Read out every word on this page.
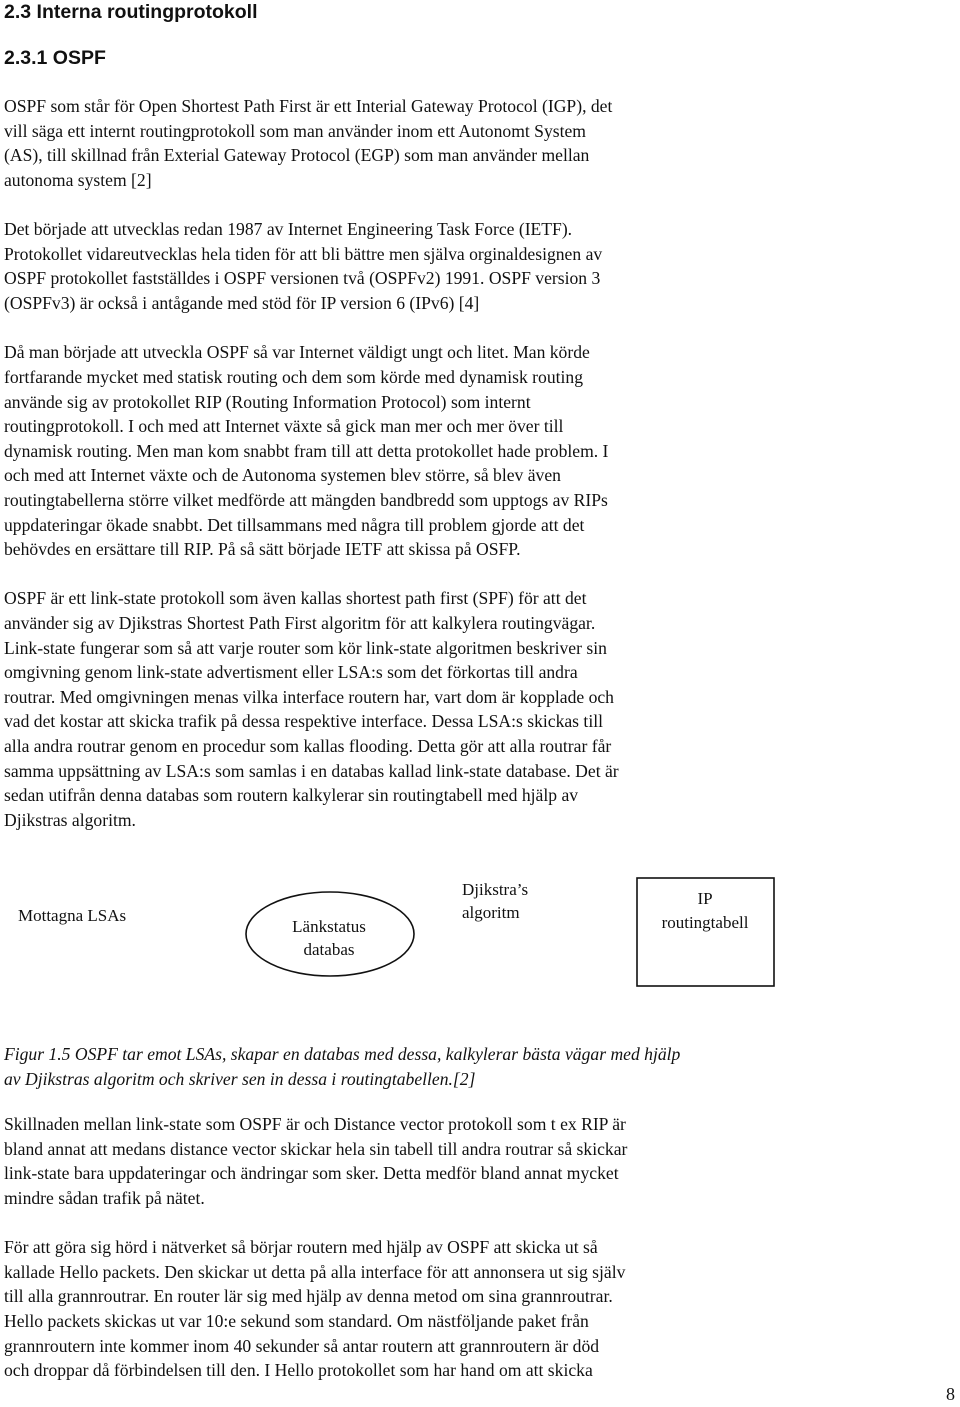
2.3 Interna routingprotokoll
2.3.1 OSPF
OSPF som står för Open Shortest Path First är ett Interial Gateway Protocol (IGP), det
vill säga ett internt routingprotokoll som man använder inom ett Autonomt System
(AS), till skillnad från Exterial Gateway Protocol (EGP) som man använder mellan
autonoma system [2]
Det började att utvecklas redan 1987 av Internet Engineering Task Force (IETF).
Protokollet vidareutvecklas hela tiden för att bli bättre men själva orginaldesignen av
OSPF protokollet fastställdes i OSPF versionen två (OSPFv2) 1991. OSPF version 3
(OSPFv3) är också i antågande med stöd för IP version 6 (IPv6) [4]
Då man började att utveckla OSPF så var Internet väldigt ungt och litet. Man körde
fortfarande mycket med statisk routing och dem som körde med dynamisk routing
använde sig av protokollet RIP (Routing Information Protocol) som internt
routingprotokoll. I och med att Internet växte så gick man mer och mer över till
dynamisk routing. Men man kom snabbt fram till att detta protokollet hade problem. I
och med att Internet växte och de Autonoma systemen blev större, så blev även
routingtabellerna större vilket medförde att mängden bandbredd som upptogs av RIPs
uppdateringar ökade snabbt. Det tillsammans med några till problem gjorde att det
behövdes en ersättare till RIP. På så sätt började IETF att skissa på OSFP.
OSPF är ett link-state protokoll som även kallas shortest path first (SPF) för att det
använder sig av Djikstras Shortest Path First algoritm för att kalkylera routingvägar.
Link-state fungerar som så att varje router som kör link-state algoritmen beskriver sin
omgivning genom link-state advertisment eller LSA:s som det förkortas till andra
routrar. Med omgivningen menas vilka interface routern har, vart dom är kopplade och
vad det kostar att skicka trafik på dessa respektive interface. Dessa LSA:s skickas till
alla andra routrar genom en procedur som kallas flooding. Detta gör att alla routrar får
samma uppsättning av LSA:s som samlas i en databas kallad link-state database. Det är
sedan utifrån denna databas som routern kalkylerar sin routingtabell med hjälp av
Djikstras algoritm.
Mottagna LSAs
Länkstatus
databas
Djikstra’s
algoritm
IP
routingtabell
Figur 1.5 OSPF tar emot LSAs, skapar en databas med dessa, kalkylerar bästa vägar med hjälp
av Djikstras algoritm och skriver sen in dessa i routingtabellen.[2]
Skillnaden mellan link-state som OSPF är och Distance vector protokoll som t ex RIP är
bland annat att medans distance vector skickar hela sin tabell till andra routrar så skickar
link-state bara uppdateringar och ändringar som sker. Detta medför bland annat mycket
mindre sådan trafik på nätet.
För att göra sig hörd i nätverket så börjar routern med hjälp av OSPF att skicka ut så
kallade Hello packets. Den skickar ut detta på alla interface för att annonsera ut sig själv
till alla grannroutrar. En router lär sig med hjälp av denna metod om sina grannroutrar.
Hello packets skickas ut var 10:e sekund som standard. Om nästföljande paket från
grannroutern inte kommer inom 40 sekunder så antar routern att grannroutern är död
och droppar då förbindelsen till den. I Hello protokollet som har hand om att skicka
8
